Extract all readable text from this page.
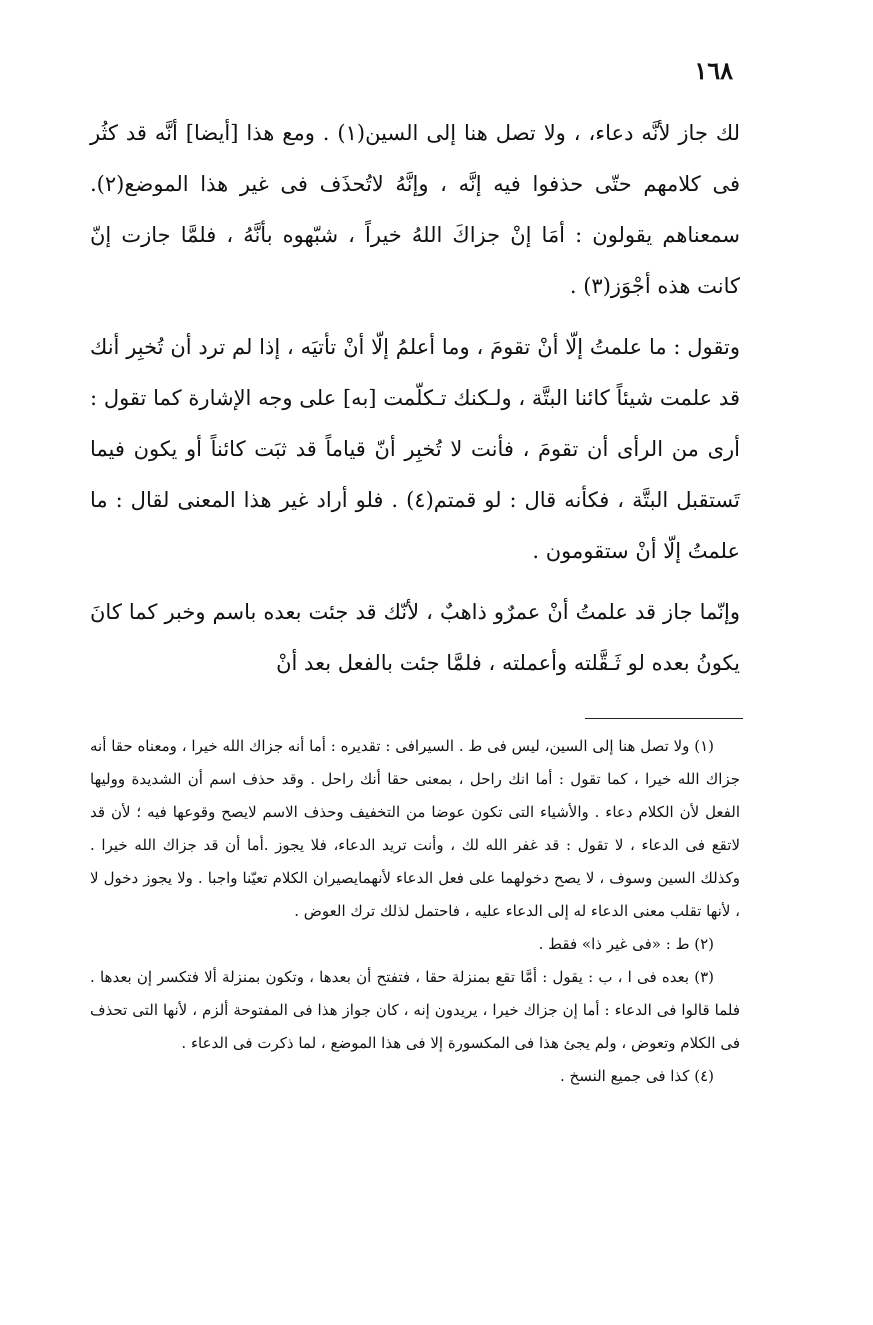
١٦٨

لك جاز لأنَّه دعاء، ، ولا تصل هنا إلى السين(١) . ومع هذا [أيضا] أنَّه قد كثُر فى كلامهم حتّى حذفوا فيه إنَّه ، وإنَّهُ لاتُحذَف فى غير هذا الموضع(٢). سمعناهم يقولون : أمَا إنْ جزاكَ اللهُ خيراً ، شبّهوه بأنَّهُ ، فلمَّا جازت إنّ كانت هذه أجْوَز(٣) .

وتقول : ما علمتُ إلّا أنْ تقومَ ، وما أعلمُ إلّا أنْ تأتيَه ، إذا لم ترد أن تُخبِر أنك قد علمت شيئاً كائنا البتَّة ، ولـكنك تـكلّمت [به] على وجه الإشارة كما تقول : أرى من الرأى أن تقومَ ، فأنت لا تُخبِر أنّ قياماً قد ثبَت كائناً أو يكون فيما تَستقبل البتَّة ، فكأنه قال : لو قمتم(٤) . فلو أراد غير هذا المعنى لقال : ما علمتُ إلّا أنْ ستقومون .

وإنّما جاز قد علمتُ أنْ عمرٌو ذاهبٌ ، لأنّك قد جئت بعده باسم وخبر كما كانَ يكونُ بعده لو ثَـقَّلته وأعملته ، فلمَّا جئت بالفعل بعد أنْ

(١) ولا تصل هنا إلى السين، ليس فى ط . السيرافى : تقديره : أما أنه جزاك الله خيرا ، ومعناه حقا أنه جزاك الله خيرا ، كما تقول : أما انك راحل ، بمعنى حقا أنك راحل . وقد حذف اسم أن الشديدة ووليها الفعل لأن الكلام دعاء . والأشياء التى تكون عوضا من التخفيف وحذف الاسم لايصح وقوعها فيه ؛ لأن قد لاتقع فى الدعاء ، لا تقول : قد غفر الله لك ، وأنت تريد الدعاء، فلا يجوز .أما أن قد جزاك الله خيرا . وكذلك السين وسوف ، لا يصح دخولهما على فعل الدعاء لأنهمايصيران الكلام تعيّنا واجبا . ولا يجوز دخول لا ، لأنها تقلب معنى الدعاء له إلى الدعاء عليه ، فاحتمل لذلك ترك العوض .

(٢) ط : «فى غير ذا» فقط .

(٣) بعده فى ا ، ب : يقول : أمَّا تقع بمنزلة حقا ، فتفتح أن بعدها ، وتكون بمنزلة ألا فتكسر إن بعدها . فلما قالوا فى الدعاء : أما إن جزاك خيرا ، يريدون إنه ، كان جواز هذا فى المفتوحة ألزم ، لأنها التى تحذف فى الكلام وتعوض ، ولم يجئ هذا فى المكسورة إلا فى هذا الموضع ، لما ذكرت فى الدعاء .

(٤) كذا فى جميع النسخ .
